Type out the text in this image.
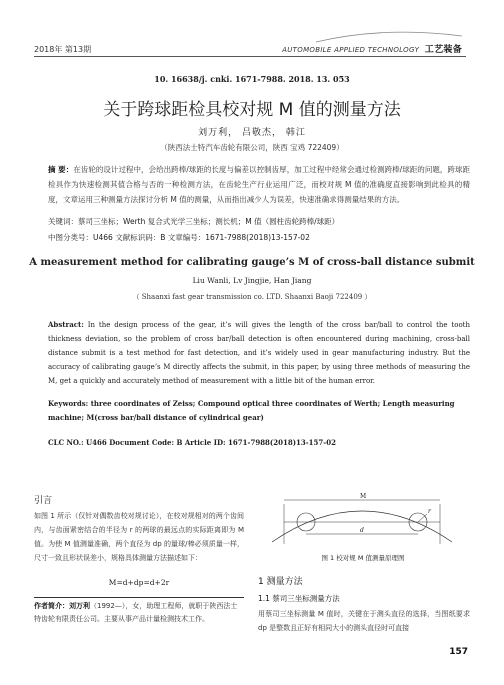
2018年 第13期	AUTOMOBILE APPLIED TECHNOLOGY 工艺装备
10. 16638/j. cnki. 1671-7988. 2018. 13. 053
关于跨球距检具校对规 M 值的测量方法
刘万利， 吕敬杰， 韩江
（陕西法士特汽车齿轮有限公司，陕西 宝鸡 722409）
摘 要：在齿轮的设计过程中，会给出跨棒/球距的长度与偏差以控制齿厚，加工过程中经常会通过检测跨棒/球距的问题，跨球距检具作为快速检测其值合格与否的一种检测方法，在齿轮生产行业运用广泛，而校对规 M 值的准确度直接影响到此检具的精度，文章运用三种测量方法探讨分析 M 值的测量，从而指出减少人为误差，快速准确求得测量结果的方法。
关键词：蔡司三坐标；Werth 复合式光学三坐标；测长机；M 值（圆柱齿轮跨棒/球距）
中图分类号：U466 文献标识码：B 文章编号：1671-7988(2018)13-157-02
A measurement method for calibrating gauge’s M of cross-ball distance submit
Liu Wanli, Lv Jingjie, Han Jiang
（ Shaanxi fast gear transmission co. LTD. Shaanxi Baoji 722409 ）
Abstract: In the design process of the gear, it’s will gives the length of the cross bar/ball to control the tooth thickness deviation, so the problem of cross bar/ball detection is often encountered during machining, cross-ball distance submit is a test method for fast detection, and it’s widely used in gear manufacturing industry. But the accuracy of calibrating gauge’s M directly affects the submit, in this paper, by using three methods of measuring the M, get a quickly and accurately method of measurement with a little bit of the human error.
Keywords: three coordinates of Zeiss; Compound optical three coordinates of Werth; Length measuring machine; M(cross bar/ball distance of cylindrical gear)
CLC NO.: U466 Document Code: B Article ID: 1671-7988(2018)13-157-02
引言
如图 1 所示（仅针对偶数齿校对规讨论），在校对规相对的两个齿间内，与齿面紧密结合的半径为 r 的两球的最远点的实际距离即为 M 值。为使 M 值测量准确，两个直径为 dp 的量球/棒必须质量一样，尺寸一致且形状误差小，规格具体测量方法描述如下：
M=d+dp=d+2r
作者简介：刘万利（1992—），女，助理工程师，就职于陕西法士特齿轮有限责任公司。主要从事产品计量检测技术工作。
M
d
r
图 1 校对规 M 值测量原理图
1 测量方法
1.1 蔡司三坐标测量方法
用蔡司三坐标测量 M 值时，关键在于测头直径的选择，当图纸要求 dp 是整数且正好有相同大小的测头直径时可直接
157
